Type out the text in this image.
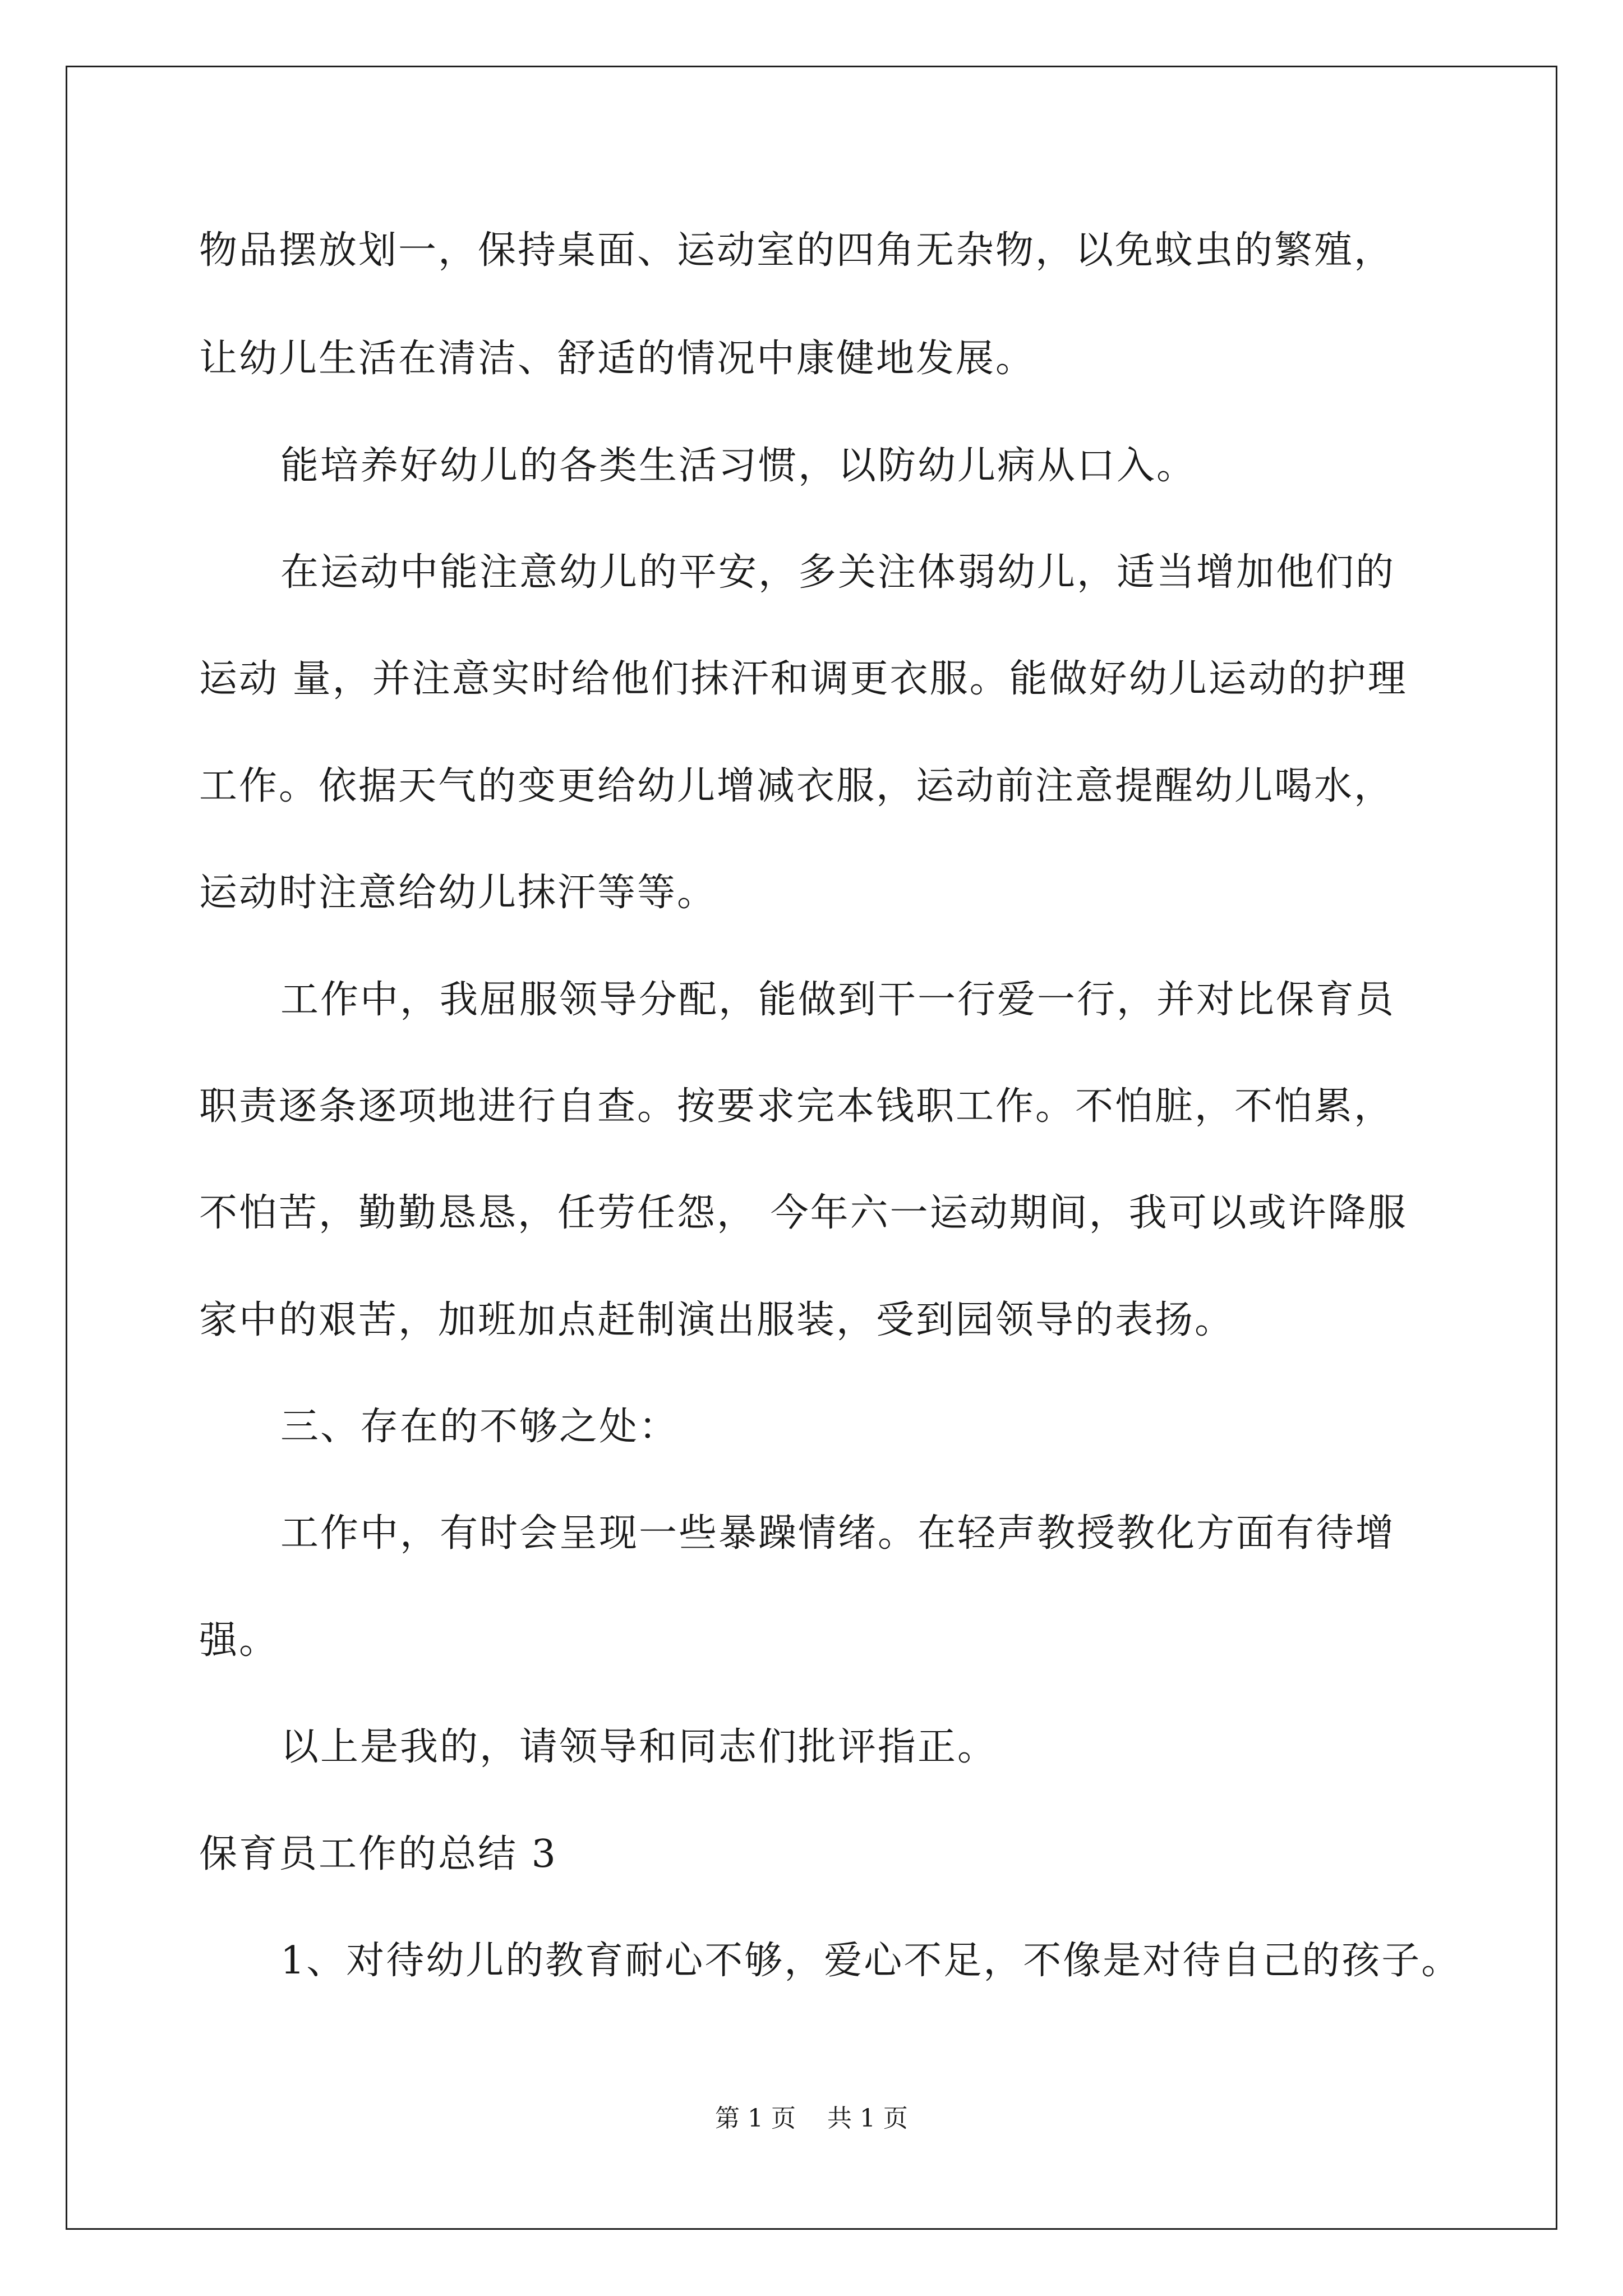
物品摆放划一，保持桌面、运动室的四角无杂物，以免蚊虫的繁殖，
让幼儿生活在清洁、舒适的情况中康健地发展。
能培养好幼儿的各类生活习惯，以防幼儿病从口入。
在运动中能注意幼儿的平安，多关注体弱幼儿，适当增加他们的
运动 量，并注意实时给他们抹汗和调更衣服。能做好幼儿运动的护理
工作。依据天气的变更给幼儿增减衣服，运动前注意提醒幼儿喝水，
运动时注意给幼儿抹汗等等。
工作中，我屈服领导分配，能做到干一行爱一行，并对比保育员
职责逐条逐项地进行自查。按要求完本钱职工作。不怕脏，不怕累，
不怕苦，勤勤恳恳，任劳任怨， 今年六一运动期间，我可以或许降服
家中的艰苦，加班加点赶制演出服装，受到园领导的表扬。
三、存在的不够之处：
工作中，有时会呈现一些暴躁情绪。在轻声教授教化方面有待增
强。
以上是我的，请领导和同志们批评指正。
保育员工作的总结 3
1、对待幼儿的教育耐心不够，爱心不足，不像是对待自己的孩子。
第 1 页    共 1 页
